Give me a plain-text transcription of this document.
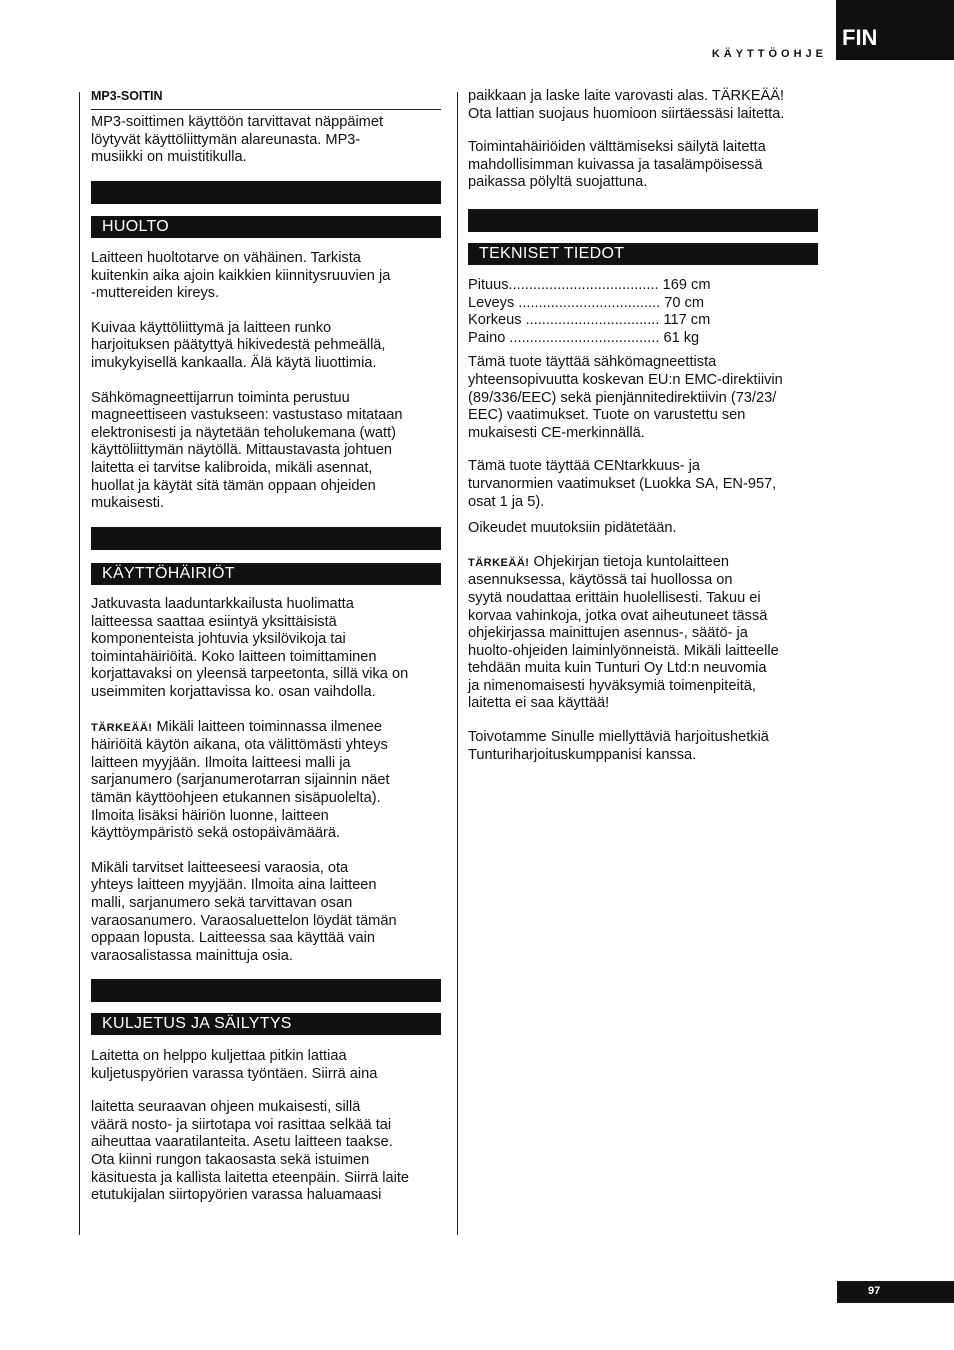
KÄYTTÖOHJE
FIN
MP3-SOITIN

MP3-soittimen käyttöön tarvittavat näppäimet
löytyvät käyttöliittymän alareunasta. MP3-
musiikki on muistitikulla.

HUOLTO

Laitteen huoltotarve on vähäinen. Tarkista
kuitenkin aika ajoin kaikkien kiinnitysruuvien ja
-muttereiden kireys.

Kuivaa käyttöliittymä ja laitteen runko
harjoituksen päätyttyä hikivedestä pehmeällä,
imukykyisellä kankaalla. Älä käytä liuottimia.

Sähkömagneettijarrun toiminta perustuu
magneettiseen vastukseen: vastustaso mitataan
elektronisesti ja näytetään teholukemana (watt)
käyttöliittymän näytöllä. Mittaustavasta johtuen
laitetta ei tarvitse kalibroida, mikäli asennat,
huollat ja käytät sitä tämän oppaan ohjeiden
mukaisesti.

KÄYTTÖHÄIRIÖT

Jatkuvasta laaduntarkkailusta huolimatta
laitteessa saattaa esiintyä yksittäisistä
komponenteista johtuvia yksilövikoja tai
toimintahäiriöitä. Koko laitteen toimittaminen
korjattavaksi on yleensä tarpeetonta, sillä vika on
useimmiten korjattavissa ko. osan vaihdolla.

TÄRKEÄÄ! Mikäli laitteen toiminnassa ilmenee
häiriöitä käytön aikana, ota välittömästi yhteys
laitteen myyjään. Ilmoita laitteesi malli ja
sarjanumero (sarjanumerotarran sijainnin näet
tämän käyttöohjeen etukannen sisäpuolelta).
Ilmoita lisäksi häiriön luonne, laitteen
käyttöympäristö sekä ostopäivämäärä.

Mikäli tarvitset laitteeseesi varaosia, ota
yhteys laitteen myyjään. Ilmoita aina laitteen
malli, sarjanumero sekä tarvittavan osan
varaosanumero. Varaosaluettelon löydät tämän
oppaan lopusta. Laitteessa saa käyttää vain
varaosalistassa mainittuja osia.

KULJETUS JA SÄILYTYS

Laitetta on helppo kuljettaa pitkin lattiaa
kuljetuspyörien varassa työntäen. Siirrä aina

laitetta seuraavan ohjeen mukaisesti, sillä
väärä nosto- ja siirtotapa voi rasittaa selkää tai
aiheuttaa vaaratilanteita. Asetu laitteen taakse.
Ota kiinni rungon takaosasta sekä istuimen
käsituesta ja kallista laitetta eteenpäin. Siirrä laite
etutukijalan siirtopyörien varassa haluamaasi

paikkaan ja laske laite varovasti alas. TÄRKEÄÄ!
Ota lattian suojaus huomioon siirtäessäsi laitetta.

Toimintahäiriöiden välttämiseksi säilytä laitetta
mahdollisimman kuivassa ja tasalämpöisessä
paikassa pölyltä suojattuna.

TEKNISET TIEDOT
Pituus..................................... 169 cm
Leveys ................................... 70 cm
Korkeus ................................. 117 cm
Paino ..................................... 61 kg

Tämä tuote täyttää sähkömagneettista
yhteensopivuutta koskevan EU:n EMC-direktiivin
(89/336/EEC) sekä pienjännitedirektiivin (73/23/
EEC) vaatimukset. Tuote on varustettu sen
mukaisesti CE-merkinnällä.

Tämä tuote täyttää CENtarkkuus- ja
turvanormien vaatimukset (Luokka SA, EN-957,
osat 1 ja 5).

Oikeudet muutoksiin pidätetään.

TÄRKEÄÄ! Ohjekirjan tietoja kuntolaitteen
asennuksessa, käytössä tai huollossa on
syytä noudattaa erittäin huolellisesti. Takuu ei
korvaa vahinkoja, jotka ovat aiheutuneet tässä
ohjekirjassa mainittujen asennus-, säätö- ja
huolto-ohjeiden laiminlyönneistä. Mikäli laitteelle
tehdään muita kuin Tunturi Oy Ltd:n neuvomia
ja nimenomaisesti hyväksymiä toimenpiteitä,
laitetta ei saa käyttää!

Toivotamme Sinulle miellyttäviä harjoitushetkiä
Tunturiharjoituskumppanisi kanssa.

97
